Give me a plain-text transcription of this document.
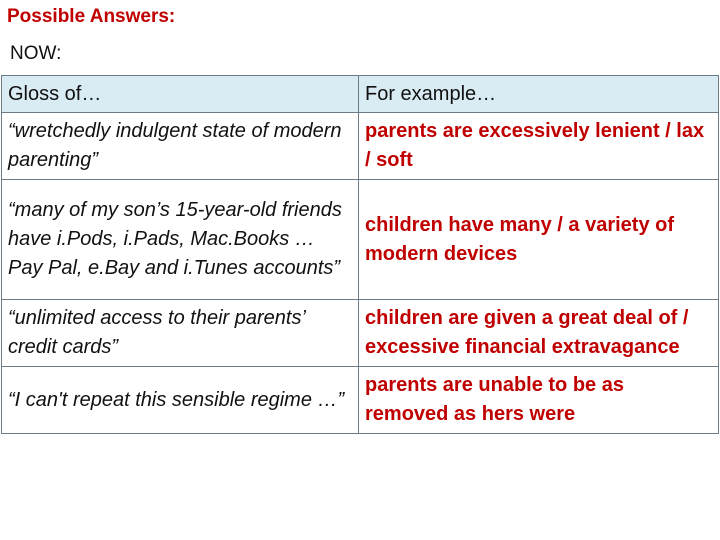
Possible Answers:
NOW:
Gloss of…	For example…
“wretchedly indulgent state of modern parenting”	parents are excessively lenient / lax / soft
“many of my son’s 15-year-old friends have i.Pods, i.Pads, Mac.Books … Pay Pal, e.Bay and i.Tunes accounts”	children have many / a variety of modern devices
“unlimited access to their parents’ credit cards”	children are given a great deal of / excessive financial extravagance
“I can't repeat this sensible regime …”	parents are unable to be as removed as hers were
